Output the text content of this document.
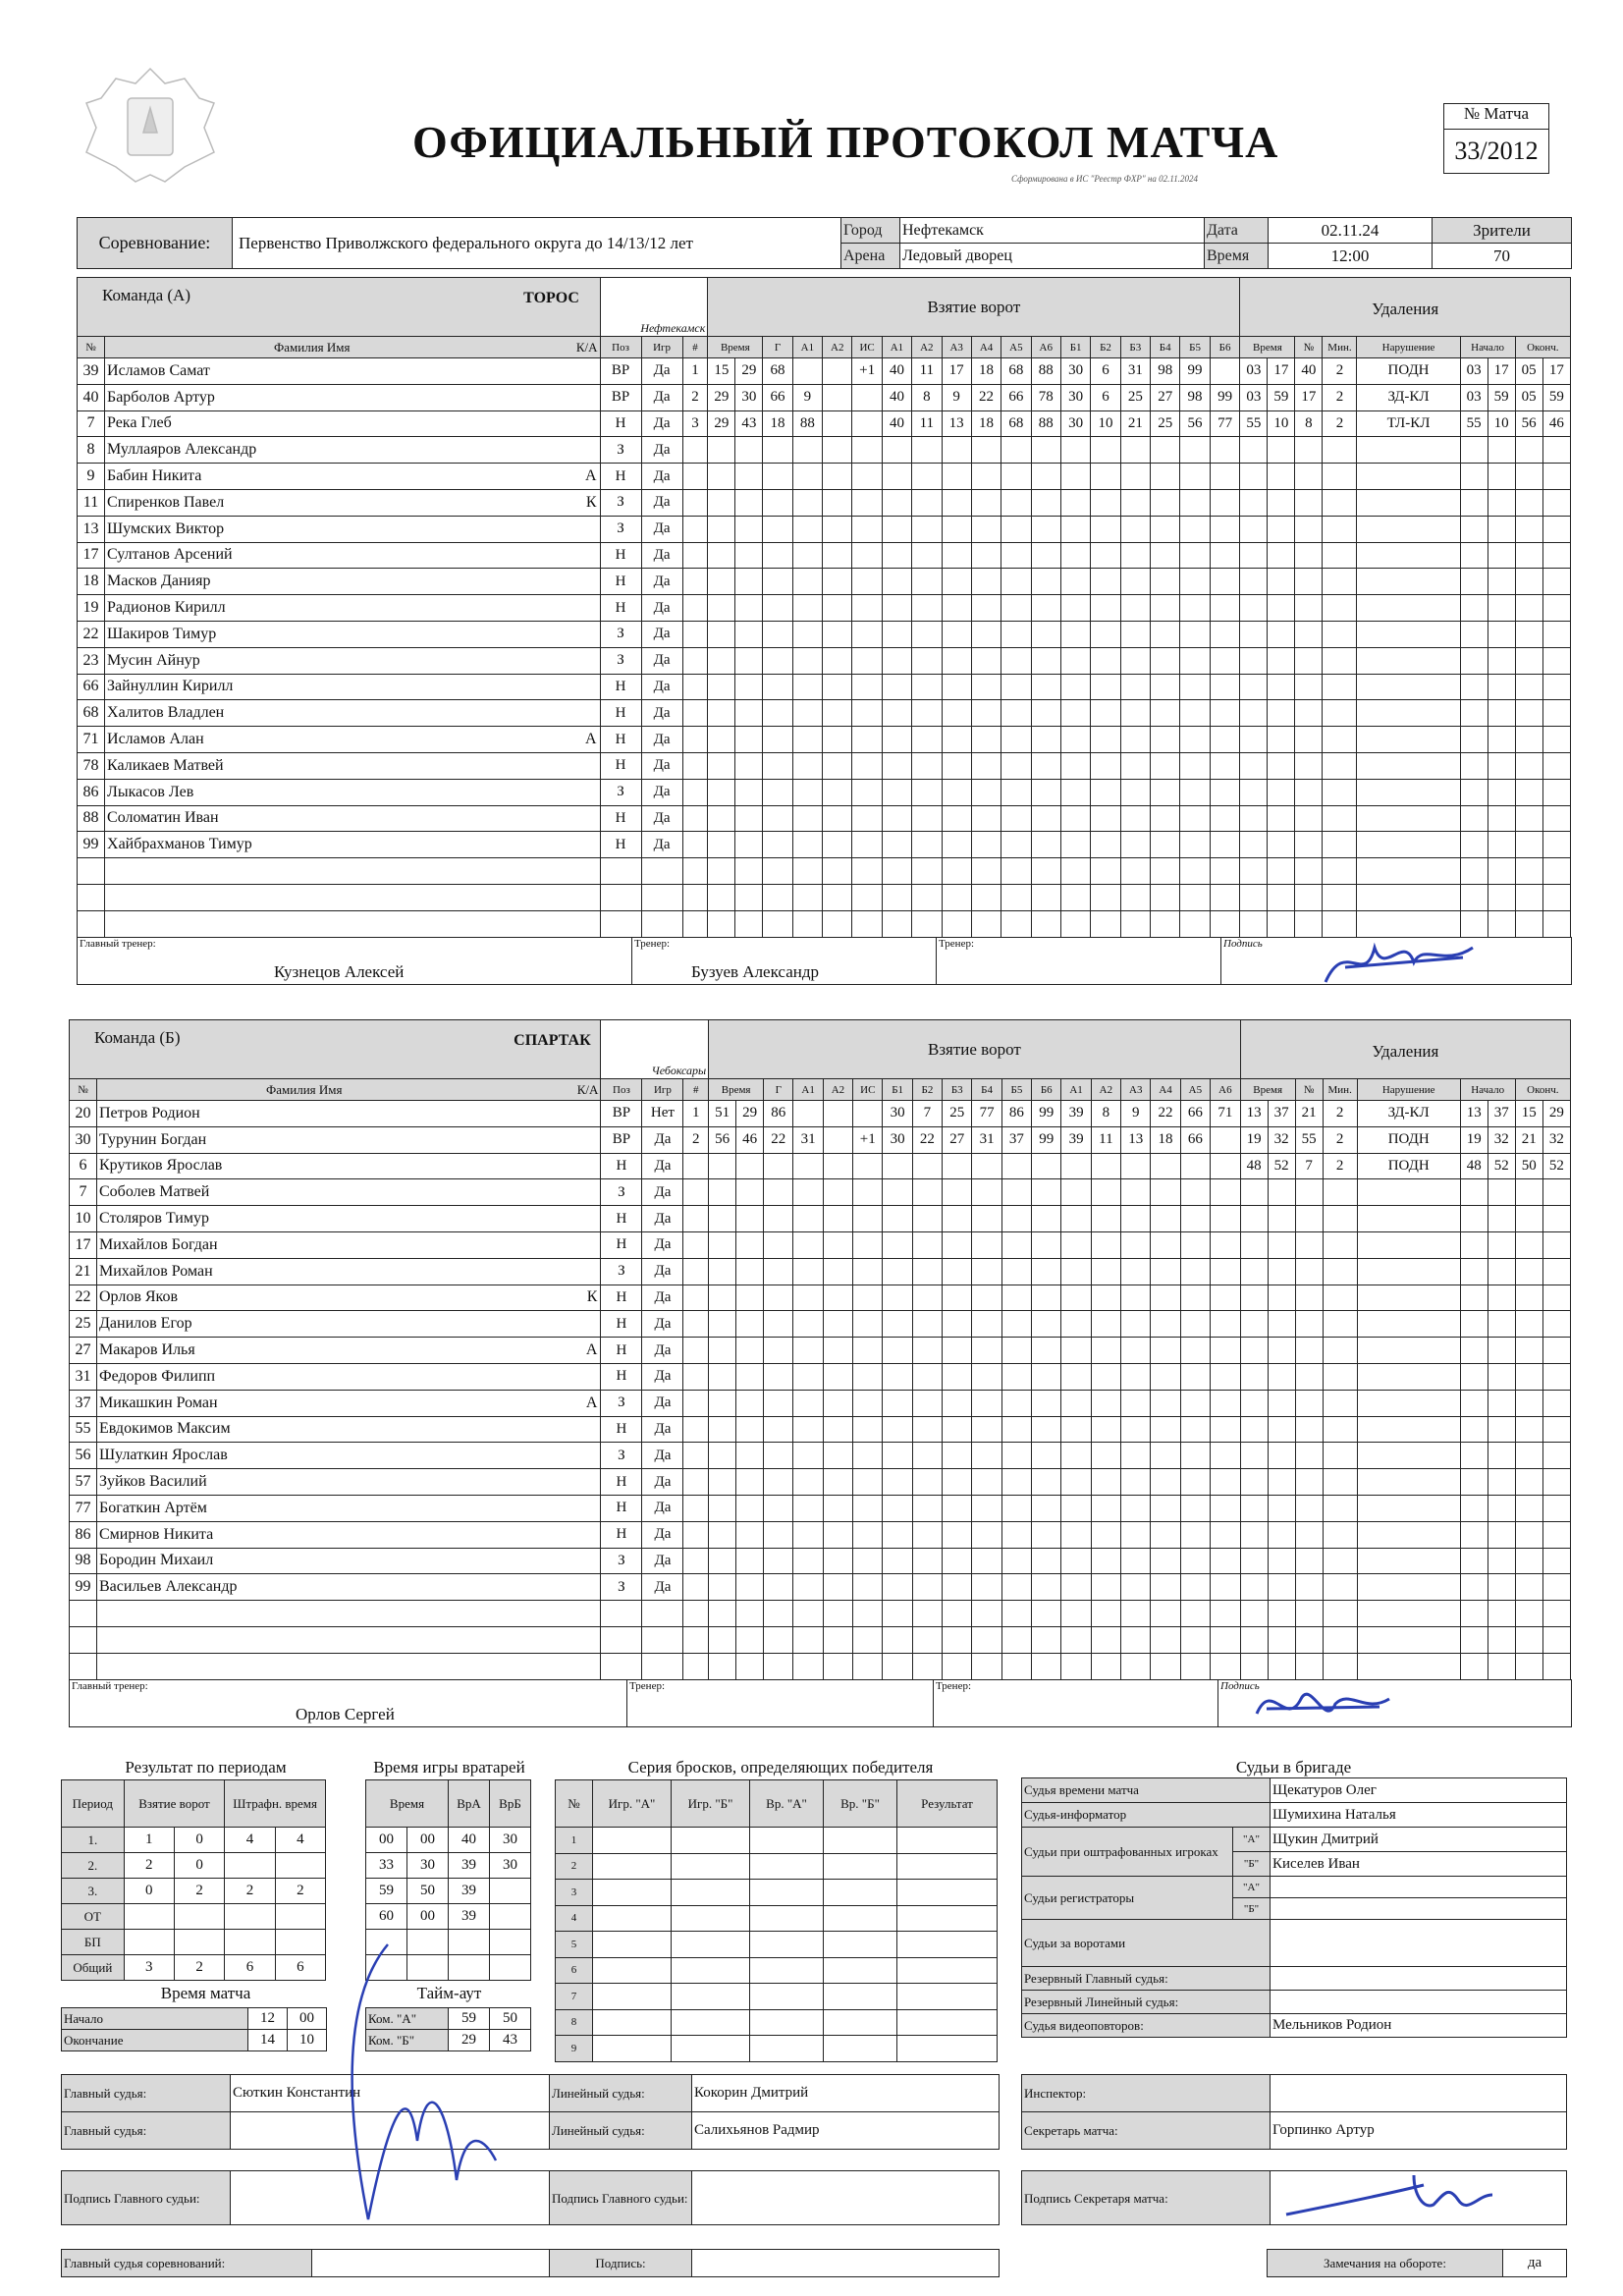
ОФИЦИАЛЬНЫЙ ПРОТОКОЛ МАТЧА
Сформирована в ИС "Реестр ФХР" на 02.11.2024
№ Матча
33/2012
Соревнование:	Первенство Приволжского федерального округа до 14/13/12 лет	Город	Нефтекамск	Дата	02.11.24	Зрители
		Арена	Ледовый дворец	Время	12:00	70
Команда (А)		ТОРОС
Нефтекамск			Взятие ворот																		Удаления								
№	Фамилия Имя К/А	Поз	Игр	#	Время		Г	А1	А2	ИС	А1	А2	А3	А4	А5	А6	Б1	Б2	Б3	Б4	Б5	Б6	Время		№	Мин.	Нарушение	Начало		Оконч.	
39	Исламов Самат	ВР	Да	1	15	29	68			+1	40	11	17	18	68	88	30	6	31	98	99		03	17	40	2	ПОДН	03	17	05	17
40	Барболов Артур	ВР	Да	2	29	30	66	9			40	8	9	22	66	78	30	6	25	27	98	99	03	59	17	2	ЗД-КЛ	03	59	05	59
7	Река Глеб	Н	Да	3	29	43	18	88			40	11	13	18	68	88	30	10	21	25	56	77	55	10	8	2	ТЛ-КЛ	55	10	56	46
8	Муллаяров Александр	З	Да																												
9	Бабин Никита А	Н	Да																												
11	Спиренков Павел К	З	Да																												
13	Шумских Виктор	З	Да																												
17	Султанов Арсений	Н	Да																												
18	Масков Данияр	Н	Да																												
19	Радионов Кирилл	Н	Да																												
22	Шакиров Тимур	З	Да																												
23	Мусин Айнур	З	Да																												
66	Зайнуллин Кирилл	Н	Да																												
68	Халитов Владлен	Н	Да																												
71	Исламов Алан А	Н	Да																												
78	Каликаев Матвей	Н	Да																												
86	Лыкасов Лев	З	Да																												
88	Соломатин Иван	Н	Да																												
99	Хайбрахманов Тимур	Н	Да																												

Главный тренер:
Кузнецов Алексей

Тренер:
Бузуев Александр

Тренер:	Подпись
Команда (Б)		СПАРТАК
Чебоксары			Взятие ворот																		Удаления								
№	Фамилия Имя К/А	Поз	Игр	#	Время		Г	А1	А2	ИС	Б1	Б2	Б3	Б4	Б5	Б6	А1	А2	А3	А4	А5	А6	Время		№	Мин.	Нарушение	Начало		Оконч.	
20	Петров Родион	ВР	Нет	1	51	29	86				30	7	25	77	86	99	39	8	9	22	66	71	13	37	21	2	ЗД-КЛ	13	37	15	29
30	Турунин Богдан	ВР	Да	2	56	46	22	31		+1	30	22	27	31	37	99	39	11	13	18	66		19	32	55	2	ПОДН	19	32	21	32
6	Крутиков Ярослав	Н	Да																				48	52	7	2	ПОДН	48	52	50	52
7	Соболев Матвей	З	Да																												
10	Столяров Тимур	Н	Да																												
17	Михайлов Богдан	Н	Да																												
21	Михайлов Роман	З	Да																												
22	Орлов Яков К	Н	Да																												
25	Данилов Егор	Н	Да																												
27	Макаров Илья А	Н	Да																												
31	Федоров Филипп	Н	Да																												
37	Микашкин Роман А	З	Да																												
55	Евдокимов Максим	Н	Да																												
56	Шулаткин Ярослав	З	Да																												
57	Зуйков Василий	Н	Да																												
77	Богаткин Артём	Н	Да																												
86	Смирнов Никита	Н	Да																												
98	Бородин Михаил	З	Да																												
99	Васильев Александр	З	Да																												

Главный тренер:
Орлов Сергей

Тренер:	Тренер:	Подпись
Результат по периодам
Период	Взятие ворот		Штрафн. время	
1.	1	0	4	4
2.	2	0		
3.	0	2	2	2
ОТ				
БП				
Общий	3	2	6	6
Время игры вратарей
Время		ВрА	ВрБ
00	00	40	30
33	30	39	30
59	50	39	
60	00	39	

Серия бросков, определяющих победителя
№	Игр. "А"	Игр. "Б"	Вр. "А"	Вр. "Б"	Результат
1					
2					
3					
4					
5					
6					
7					
8					
9					
Время матча
Начало	12	00
Окончание	14	10
Тайм-аут
Ком. "А"	59	50
Ком. "Б"	29	43
Судьи в бригаде
Судья времени матча		Щекатуров Олег
Судья-информатор		Шумихина Наталья
Судьи при оштрафованных игроках	"А"	Щукин Дмитрий
	"Б"	Киселев Иван
Судьи регистраторы	"А"	
	"Б"	
Судьи за воротами		
Резервный Главный судья:		
Резервный Линейный судья:		
Судья видеоповторов:		Мельников Родион
Главный судья:	Сюткин Константин	Линейный судья:	Кокорин Дмитрий
Главный судья:		Линейный судья:	Салихьянов Радмир
Инспектор:	
Секретарь матча:	Горпинко Артур
Подпись Главного судьи:		Подпись Главного судьи:		Подпись Секретаря матча:	
Главный судья соревнований:		Подпись:		Замечания на обороте:	да
